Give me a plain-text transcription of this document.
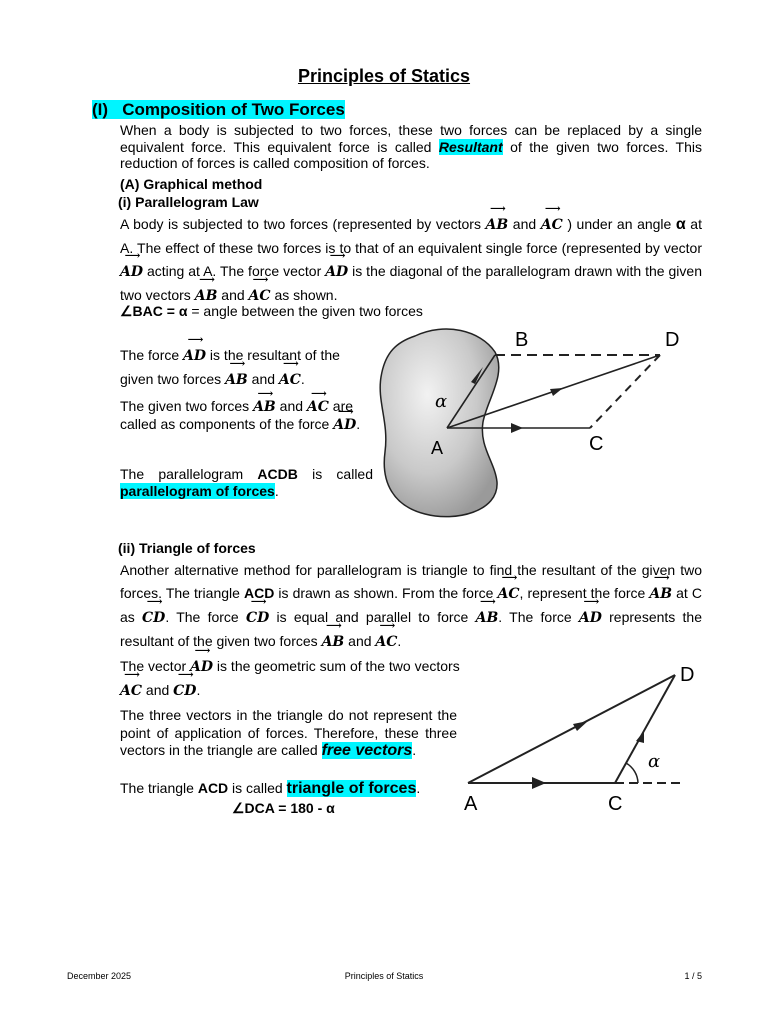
Principles of Statics
(I) Composition of Two Forces
When a body is subjected to two forces, these two forces can be replaced by a single equivalent force. This equivalent force is called Resultant of the given two forces. This reduction of forces is called composition of forces.
(A) Graphical method
(i) Parallelogram Law
A body is subjected to two forces (represented by vectors ⟶ AB and ⟶ AC ) under an angle α at A. The effect of these two forces is to that of an equivalent single force (represented by vector ⟶ AD acting at A. The force vector ⟶ AD is the diagonal of the parallelogram drawn with the given two vectors ⟶ AB and ⟶ AC as shown.
∠BAC = α = angle between the given two forces
The force ⟶ AD is the resultant of the given two forces ⟶ AB and ⟶ AC.
The given two forces ⟶ AB and ⟶ AC are called as components of the force ⟶ AD.
The parallelogram ACDB is called parallelogram of forces.
B	D
A	C
α
(ii) Triangle of forces
Another alternative method for parallelogram is triangle to find the resultant of the given two forces. The triangle ACD is drawn as shown. From the force ⟶ AC, represent the force ⟶ AB at C as ⟶ CD. The force ⟶ CD is equal and parallel to force ⟶ AB. The force ⟶ AD represents the resultant of the given two forces ⟶ AB and ⟶ AC.
The vector ⟶ AD is the geometric sum of the two vectors ⟶ AC and ⟶ CD.
The three vectors in the triangle do not represent the point of application of forces. Therefore, these three vectors in the triangle are called free vectors.
The triangle ACD is called triangle of forces.
∠DCA = 180 - α
D
A	C
α
December 2025	Principles of Statics	1 / 5
